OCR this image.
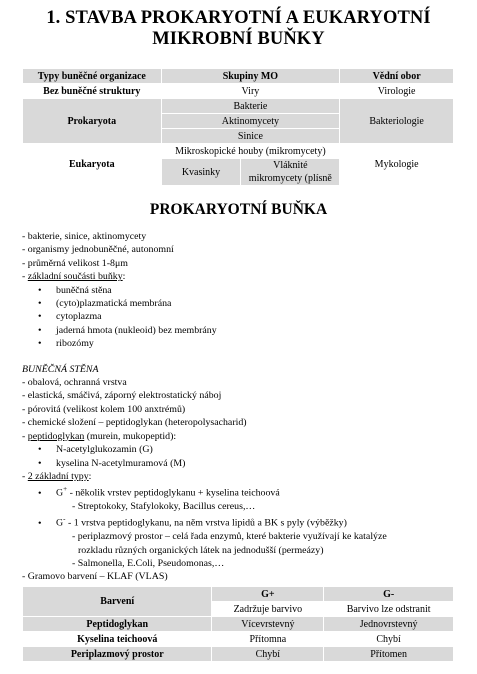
1. STAVBA PROKARYOTNÍ A EUKARYOTNÍ
MIKROBNÍ BUŇKY
Typy buněčné organizace	Skupiny MO		Vědní obor
Bez buněčné struktury	Viry		Virologie
Prokaryota	Bakterie		Bakteriologie
	Aktinomycety		
	Sinice		
Eukaryota	Mikroskopické houby (mikromycety)		Mykologie
	Kvasinky	Vláknité
mikromycety (plísně	
PROKARYOTNÍ BUŇKA
- bakterie, sinice, aktinomycety
- organismy jednobuněčné, autonomní
- průměrná velikost 1-8μm
- základní součásti buňky:
• buněčná stěna
• (cyto)plazmatická membrána
• cytoplazma
• jaderná hmota (nukleoid) bez membrány
• ribozómy
BUNĚČNÁ STĚNA
- obalová, ochranná vrstva
- elastická, smáčivá, záporný elektrostatický náboj
- pórovitá (velikost kolem 100 anxtrémů)
- chemické složení – peptidoglykan (heteropolysacharid)
- peptidoglykan (murein, mukopeptid):
• N-acetylglukozamin (G)
• kyselina N-acetylmuramová (M)
- 2 základní typy:
• G+ - několik vrstev peptidoglykanu + kyselina teichoová
- Streptokoky, Stafylokoky, Bacillus cereus,…
• G- - 1 vrstva peptidoglykanu, na něm vrstva lipidů a BK s pyly (výběžky)
- periplazmový prostor – celá řada enzymů, které bakterie využívají ke katalýze
rozkladu různých organických látek na jednodušší (permeázy)
- Salmonella, E.Coli, Pseudomonas,…
- Gramovo barvení – KLAF (VLAS)
Barvení	G+	G-
	Zadržuje barvivo	Barvivo lze odstranit
Peptidoglykan	Vícevrstevný	Jednovrstevný
Kyselina teichoová	Přítomna	Chybí
Periplazmový prostor	Chybí	Přítomen
